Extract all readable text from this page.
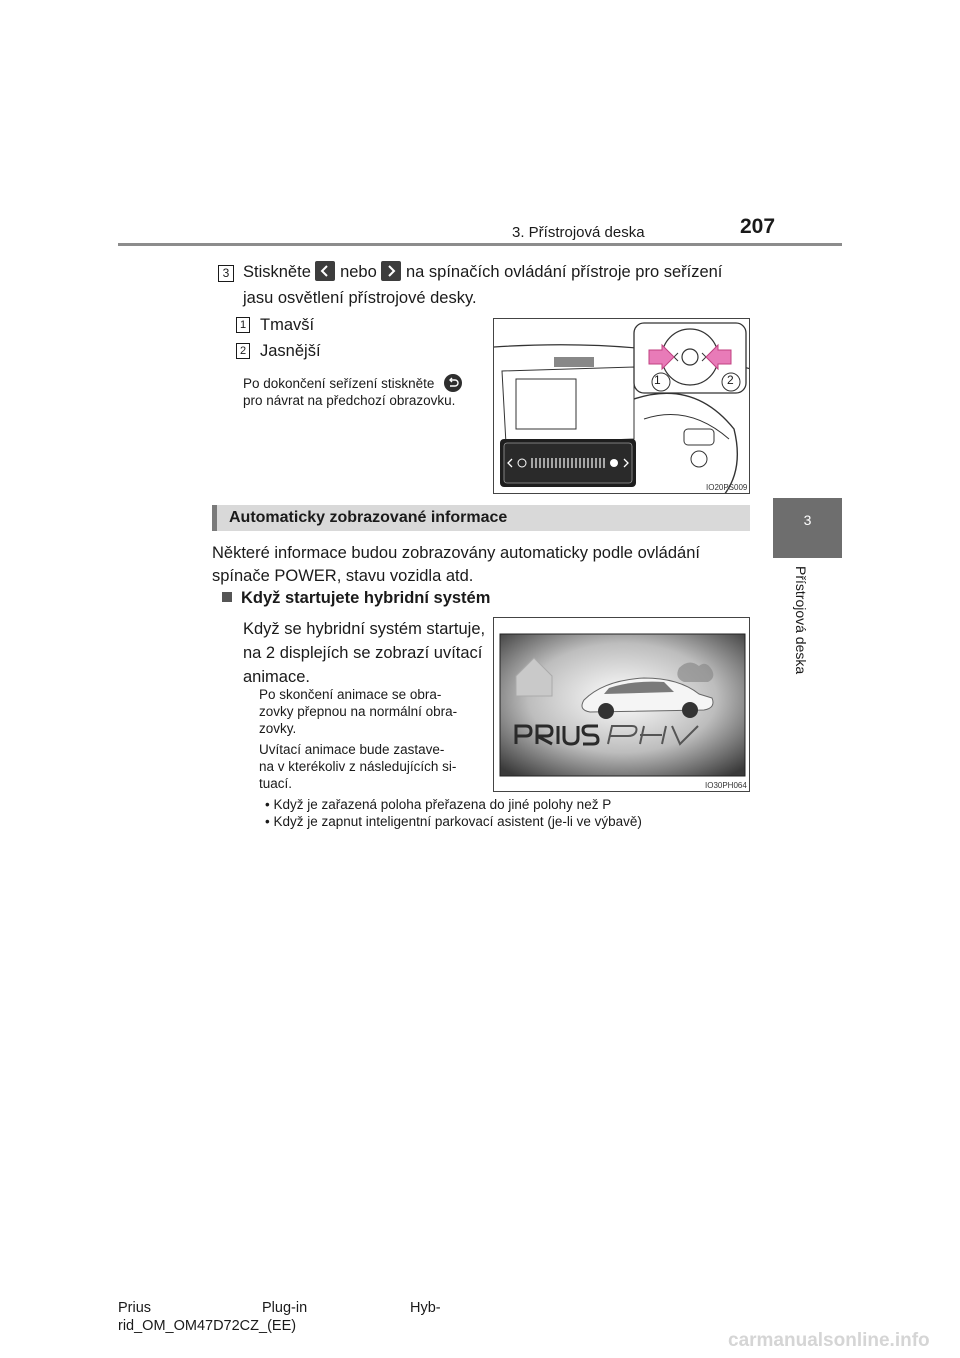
3. Přístrojová deska	207
3
Přístrojová deska
3 Stiskněte nebo na spínačích ovládání přístroje pro seřízení
jasu osvětlení přístrojové desky.
1 Tmavší
2 Jasnější
Po dokončení seřízení stiskněte
pro návrat na předchozí obrazovku.
1	2
IO20PS009
Automaticky zobrazované informace
Některé informace budou zobrazovány automaticky podle ovládání
spínače POWER, stavu vozidla atd.
Když startujete hybridní systém
Když se hybridní systém startuje,
na 2 displejích se zobrazí uvítací
animace.
Po skončení animace se obra-
zovky přepnou na normální obra-
zovky.
Uvítací animace bude zastave-
na v kterékoliv z následujících si-
tuací.
• Když je zařazená poloha přeřazena do jiné polohy než P
• Když je zapnut inteligentní parkovací asistent (je-li ve výbavě)
IO30PH064
Prius	Plug-in	Hyb-
rid_OM_OM47D72CZ_(EE)
carmanualsonline.info
